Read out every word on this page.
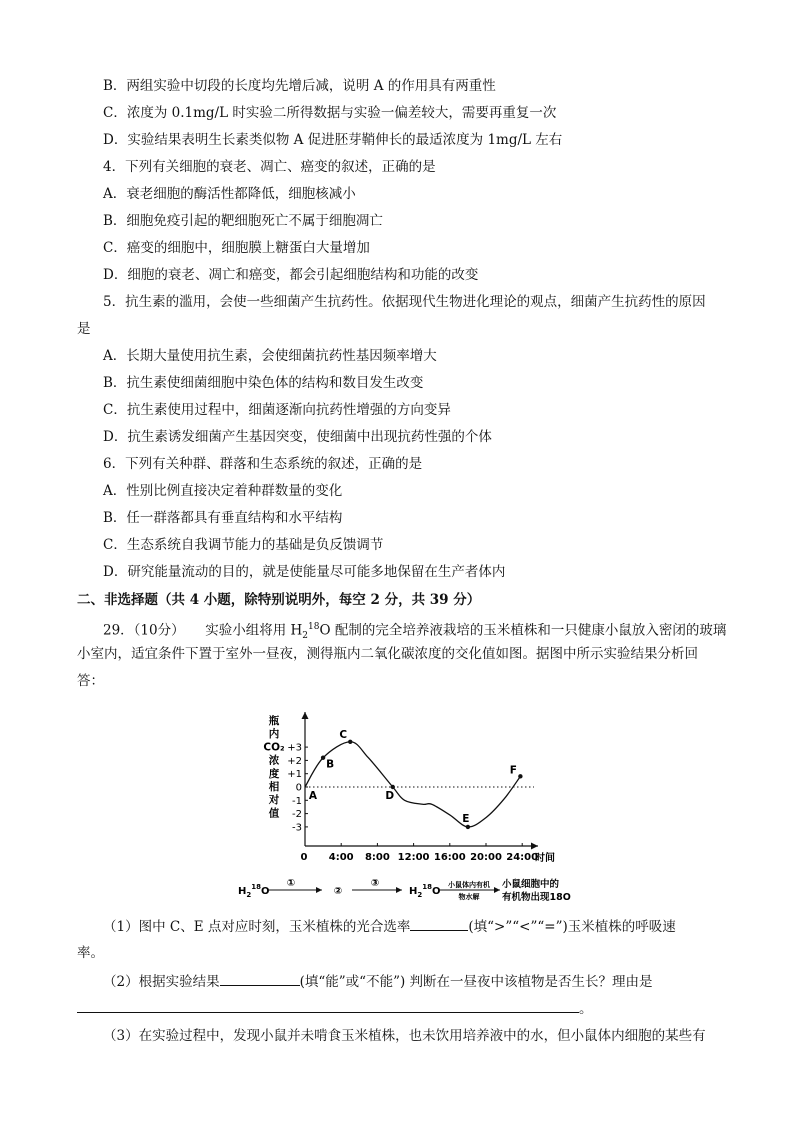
B．两组实验中切段的长度均先增后减，说明 A 的作用具有两重性
C．浓度为 0.1mg/L 时实验二所得数据与实验一偏差较大，需要再重复一次
D．实验结果表明生长素类似物 A 促进胚芽鞘伸长的最适浓度为 1mg/L 左右
4．下列有关细胞的衰老、凋亡、癌变的叙述，正确的是
A．衰老细胞的酶活性都降低，细胞核减小
B．细胞免疫引起的靶细胞死亡不属于细胞凋亡
C．癌变的细胞中，细胞膜上糖蛋白大量增加
D．细胞的衰老、凋亡和癌变，都会引起细胞结构和功能的改变
5．抗生素的滥用，会使一些细菌产生抗药性。依据现代生物进化理论的观点，细菌产生抗药性的原因
是
A．长期大量使用抗生素，会使细菌抗药性基因频率增大
B．抗生素使细菌细胞中染色体的结构和数目发生改变
C．抗生素使用过程中，细菌逐渐向抗药性增强的方向变异
D．抗生素诱发细菌产生基因突变，使细菌中出现抗药性强的个体
6．下列有关种群、群落和生态系统的叙述，正确的是
A．性别比例直接决定着种群数量的变化
B．任一群落都具有垂直结构和水平结构
C．生态系统自我调节能力的基础是负反馈调节
D．研究能量流动的目的，就是使能量尽可能多地保留在生产者体内
二、非选择题（共 4 小题，除特别说明外，每空 2 分，共 39 分）
29．（10分） 实验小组将用 $H_2^{18}O$ 配制的完全培养液栽培的玉米植株和一只健康小鼠放入密闭的玻璃
小室内，适宜条件下置于室外一昼夜，测得瓶内二氧化碳浓度的交化值如图。据图中所示实验结果分析回
答：
瓶
内
CO₂
浓
度
相
对
值
+3
+2
+1
0
-1
-2
-3
0 4:00 8:00 12:00 16:00 20:00 24:00
时间
A
B
C
D
E
F
$H_2^{18}O$
①
②
③
$H_2^{18}O$
小鼠体内有机
物水解
小鼠细胞中的
有机物出现18O
（1）图中 C、E 点对应时刻，玉米植株的光合选率	(填“>”“<”“=”)玉米植株的呼吸速
率。
（2）根据实验结果	(填“能”或“不能”) 判断在一昼夜中该植物是否生长？理由是
。
（3）在实验过程中，发现小鼠并未啃食玉米植株，也未饮用培养液中的水，但小鼠体内细胞的某些有
